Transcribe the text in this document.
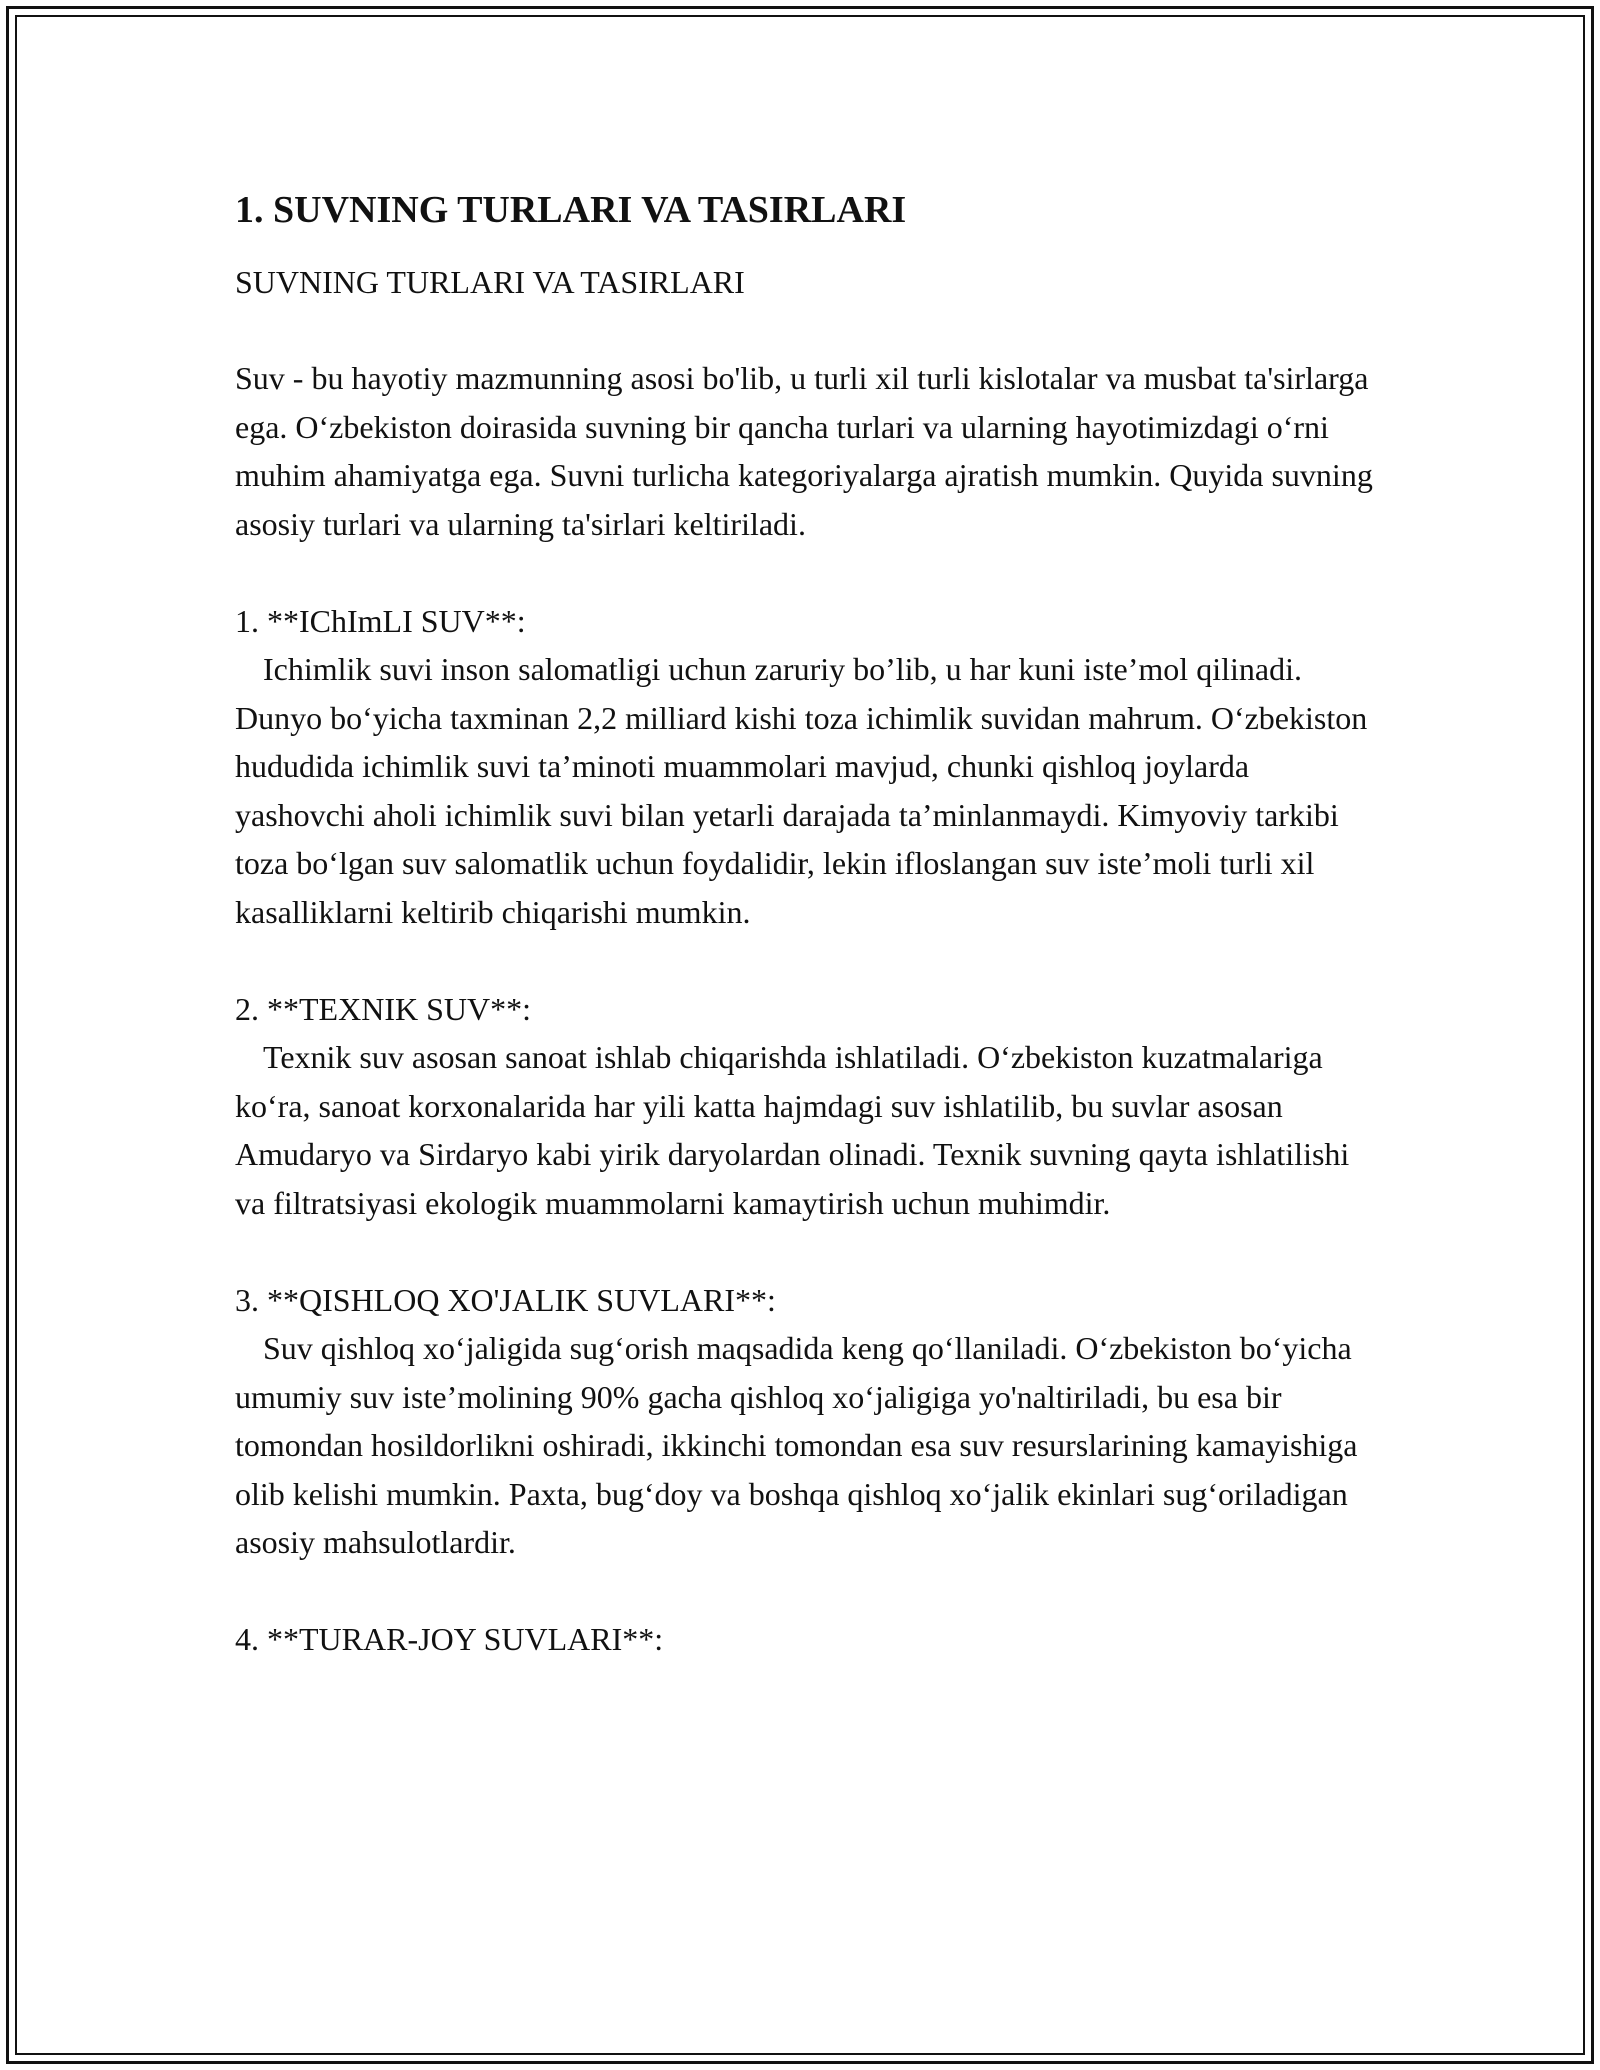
1. SUVNING TURLARI VA TASIRLARI
SUVNING TURLARI VA TASIRLARI
Suv - bu hayotiy mazmunning asosi bo'lib, u turli xil turli kislotalar va musbat ta'sirlarga ega. O‘zbekiston doirasida suvning bir qancha turlari va ularning hayotimizdagi o‘rni muhim ahamiyatga ega. Suvni turlicha kategoriyalarga ajratish mumkin. Quyida suvning asosiy turlari va ularning ta'sirlari keltiriladi.
1. **IChImLI SUV**:
Ichimlik suvi inson salomatligi uchun zaruriy bo’lib, u har kuni iste’mol qilinadi. Dunyo bo‘yicha taxminan 2,2 milliard kishi toza ichimlik suvidan mahrum. O‘zbekiston hududida ichimlik suvi ta’minoti muammolari mavjud, chunki qishloq joylarda yashovchi aholi ichimlik suvi bilan yetarli darajada ta’minlanmaydi. Kimyoviy tarkibi toza bo‘lgan suv salomatlik uchun foydalidir, lekin ifloslangan suv iste’moli turli xil kasalliklarni keltirib chiqarishi mumkin.
2. **TEXNIK SUV**:
Texnik suv asosan sanoat ishlab chiqarishda ishlatiladi. O‘zbekiston kuzatmalariga ko‘ra, sanoat korxonalarida har yili katta hajmdagi suv ishlatilib, bu suvlar asosan Amudaryo va Sirdaryo kabi yirik daryolardan olinadi. Texnik suvning qayta ishlatilishi va filtratsiyasi ekologik muammolarni kamaytirish uchun muhimdir.
3. **QISHLOQ XO'JALIK SUVLARI**:
Suv qishloq xo‘jaligida sug‘orish maqsadida keng qo‘llaniladi. O‘zbekiston bo‘yicha umumiy suv iste’molining 90% gacha qishloq xo‘jaligiga yo'naltiriladi, bu esa bir tomondan hosildorlikni oshiradi, ikkinchi tomondan esa suv resurslarining kamayishiga olib kelishi mumkin. Paxta, bug‘doy va boshqa qishloq xo‘jalik ekinlari sug‘oriladigan asosiy mahsulotlardir.
4. **TURAR-JOY SUVLARI**:
